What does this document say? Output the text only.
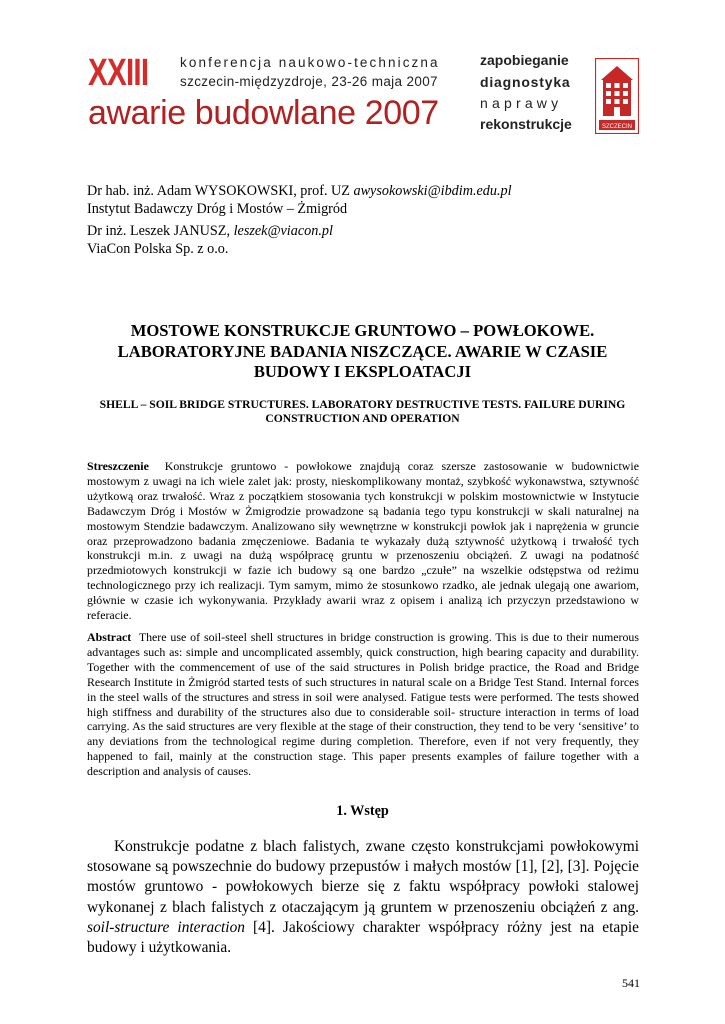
XXIII konferencja naukowo-techniczna
szczecin-międzyzdroje, 23-26 maja 2007
awarie budowlane 2007
zapobieganie
diagnostyka
naprawy
rekonstrukcje	SZCZECIN
Dr hab. inż. Adam WYSOKOWSKI, prof. UZ awysokowski@ibdim.edu.pl
Instytut Badawczy Dróg i Mostów – Żmigród
Dr inż. Leszek JANUSZ, leszek@viacon.pl
ViaCon Polska Sp. z o.o.
MOSTOWE KONSTRUKCJE GRUNTOWO – POWŁOKOWE. LABORATORYJNE BADANIA NISZCZĄCE. AWARIE W CZASIE BUDOWY I EKSPLOATACJI
SHELL – SOIL BRIDGE STRUCTURES. LABORATORY DESTRUCTIVE TESTS. FAILURE DURING CONSTRUCTION AND OPERATION
Streszczenie Konstrukcje gruntowo - powłokowe znajdują coraz szersze zastosowanie w budownictwie mostowym z uwagi na ich wiele zalet jak: prosty, nieskomplikowany montaż, szybkość wykonawstwa, sztywność użytkową oraz trwałość. Wraz z początkiem stosowania tych konstrukcji w polskim mostownictwie w Instytucie Badawczym Dróg i Mostów w Żmigrodzie prowadzone są badania tego typu konstrukcji w skali naturalnej na mostowym Stendzie badawczym. Analizowano siły wewnętrzne w konstrukcji powłok jak i naprężenia w gruncie oraz przeprowadzono badania zmęczeniowe. Badania te wykazały dużą sztywność użytkową i trwałość tych konstrukcji m.in. z uwagi na dużą współpracę gruntu w przenoszeniu obciążeń. Z uwagi na podatność przedmiotowych konstrukcji w fazie ich budowy są one bardzo „czułe” na wszelkie odstępstwa od reżimu technologicznego przy ich realizacji. Tym samym, mimo że stosunkowo rzadko, ale jednak ulegają one awariom, głównie w czasie ich wykonywania. Przykłady awarii wraz z opisem i analizą ich przyczyn przedstawiono w referacie.
Abstract There use of soil-steel shell structures in bridge construction is growing. This is due to their numerous advantages such as: simple and uncomplicated assembly, quick construction, high bearing capacity and durability. Together with the commencement of use of the said structures in Polish bridge practice, the Road and Bridge Research Institute in Żmigród started tests of such structures in natural scale on a Bridge Test Stand. Internal forces in the steel walls of the structures and stress in soil were analysed. Fatigue tests were performed. The tests showed high stiffness and durability of the structures also due to considerable soil- structure interaction in terms of load carrying. As the said structures are very flexible at the stage of their construction, they tend to be very ‘sensitive’ to any deviations from the technological regime during completion. Therefore, even if not very frequently, they happened to fail, mainly at the construction stage. This paper presents examples of failure together with a description and analysis of causes.
1. Wstęp
Konstrukcje podatne z blach falistych, zwane często konstrukcjami powłokowymi stosowane są powszechnie do budowy przepustów i małych mostów [1], [2], [3]. Pojęcie mostów gruntowo - powłokowych bierze się z faktu współpracy powłoki stalowej wykonanej z blach falistych z otaczającym ją gruntem w przenoszeniu obciążeń z ang. soil-structure interaction [4]. Jakościowy charakter współpracy różny jest na etapie budowy i użytkowania.
541
